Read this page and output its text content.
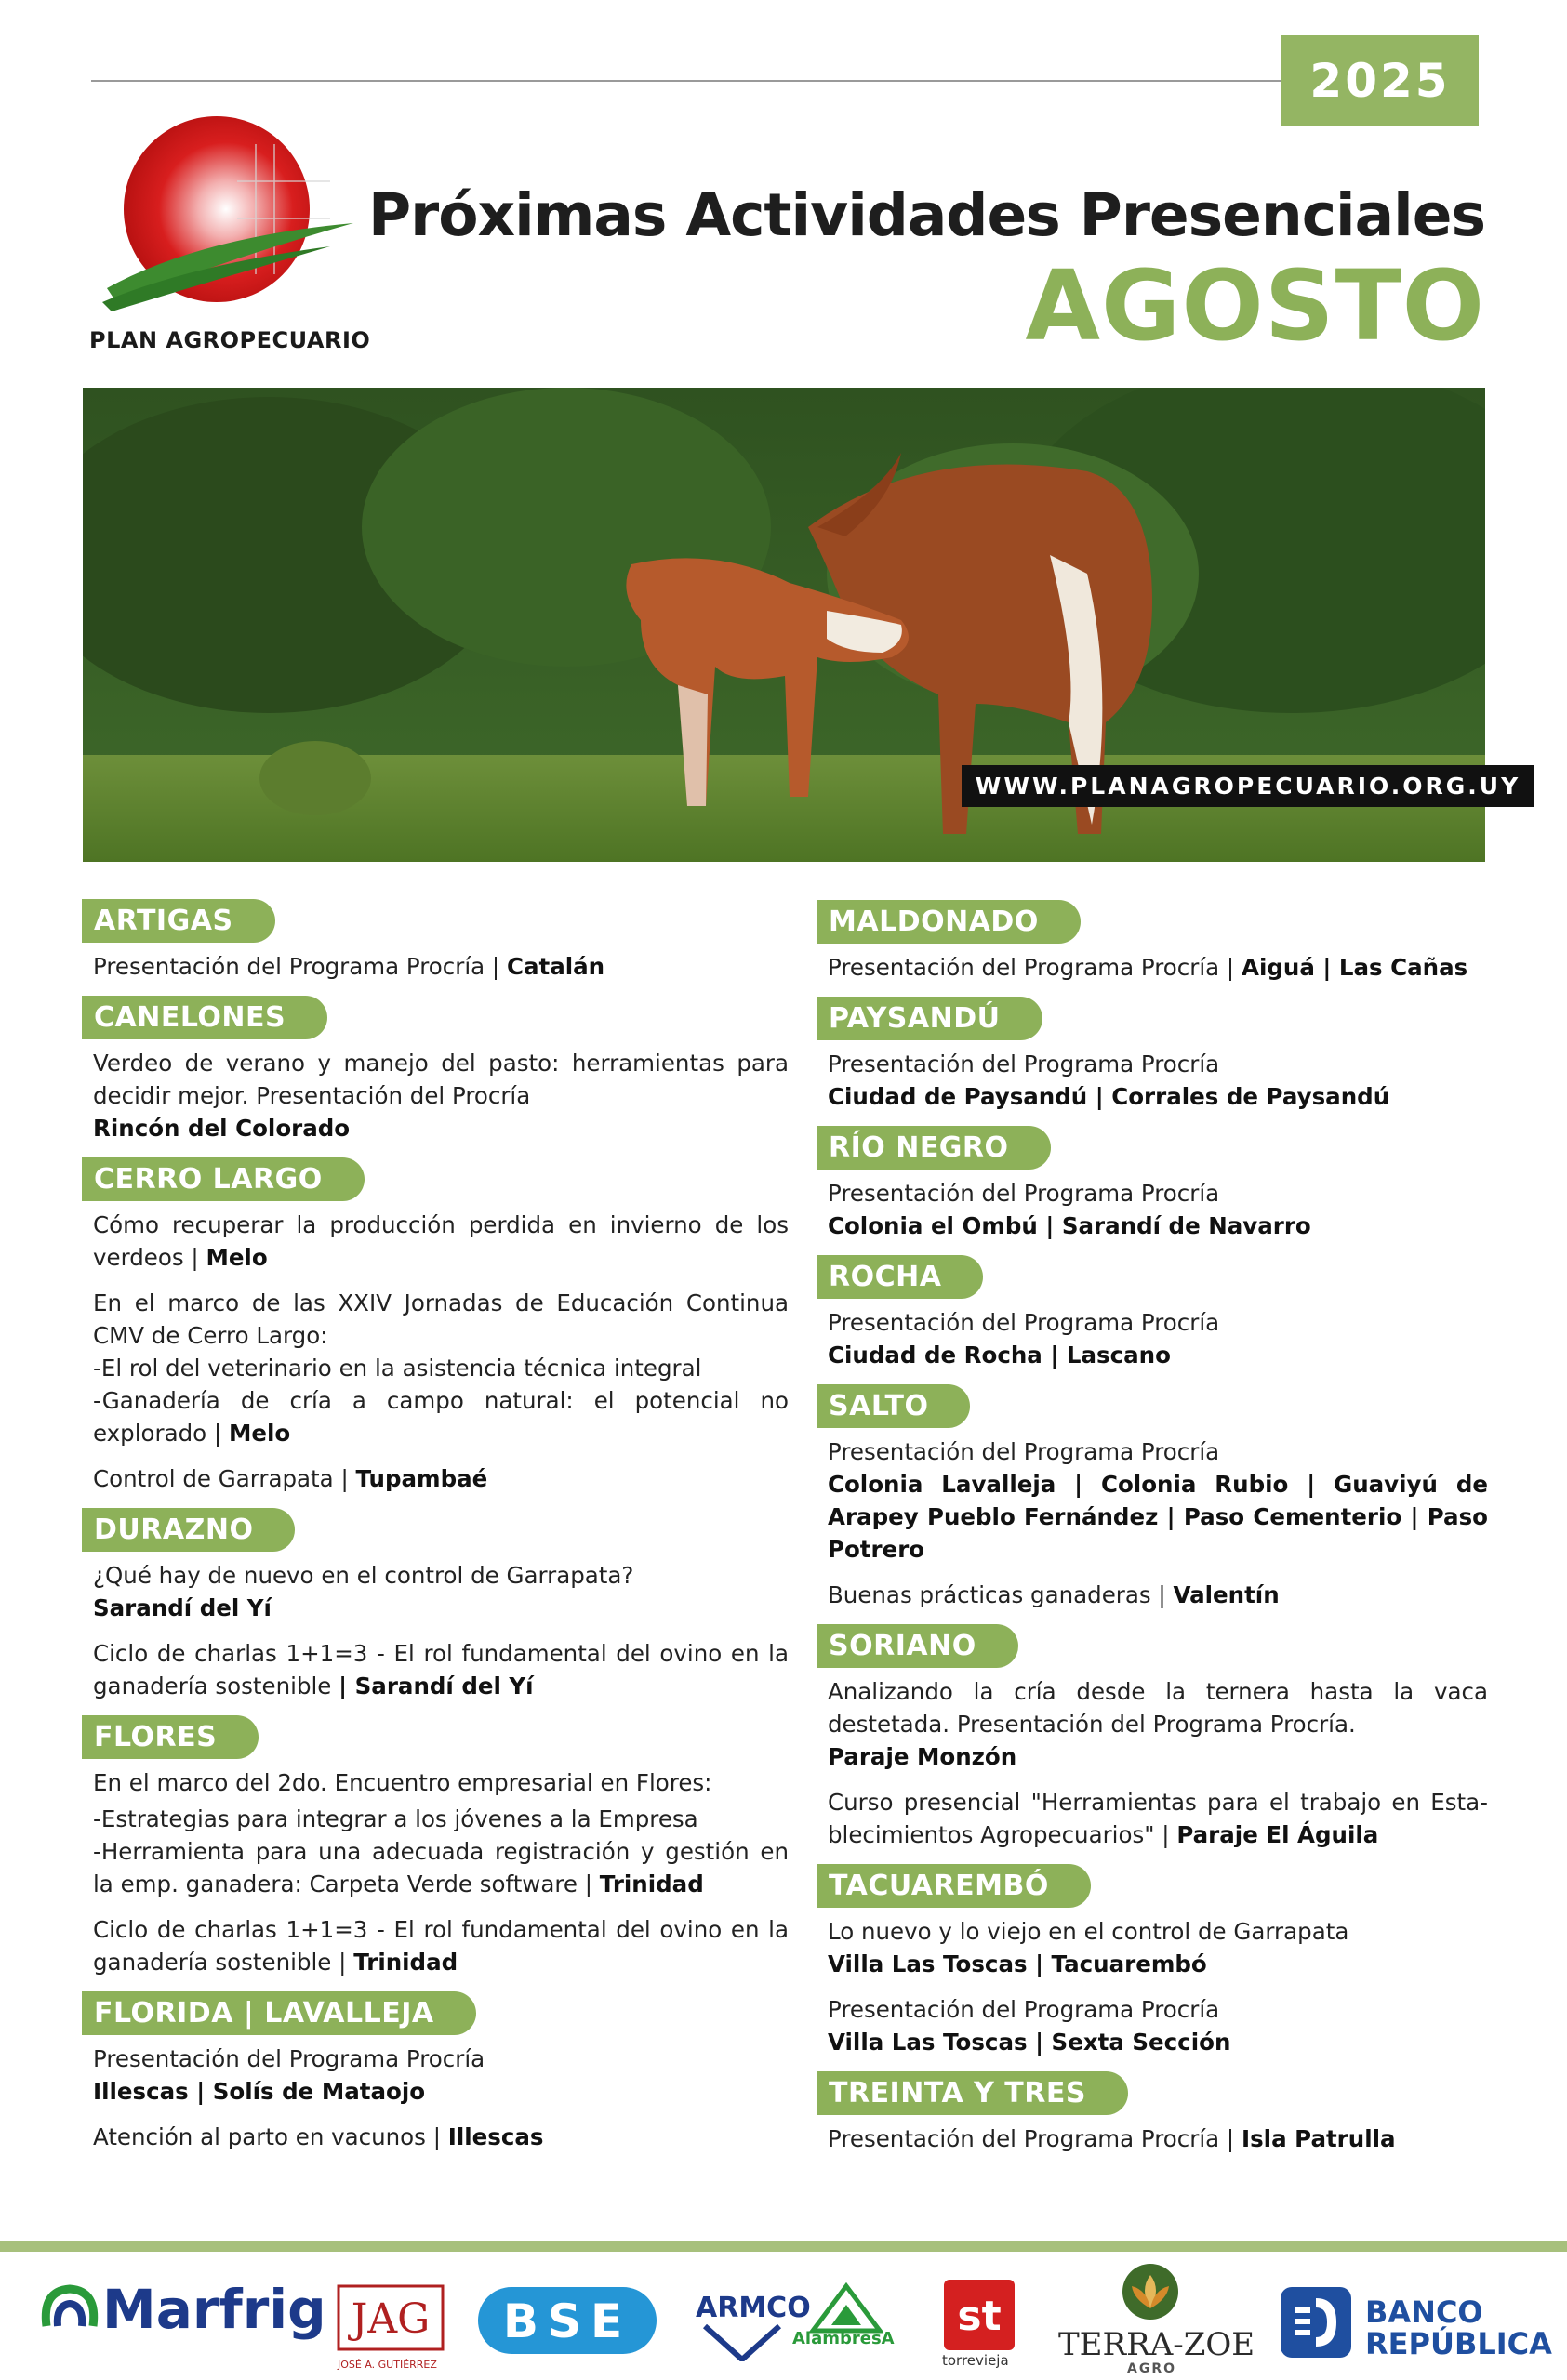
2025
PLAN AGROPECUARIO
Próximas Actividades Presenciales
AGOSTO
WWW.PLANAGROPECUARIO.ORG.UY
ARTIGAS
Presentación del Programa Procría | Catalán
CANELONES
Verdeo de verano y manejo del pasto: herramientas para decidir mejor. Presentación del Procría
Rincón del Colorado
CERRO LARGO
Cómo recuperar la producción perdida en invierno de los verdeos | Melo
En el marco de las XXIV Jornadas de Educación Continua CMV de Cerro Largo:
-El rol del veterinario en la asistencia técnica integral
-Ganadería de cría a campo natural: el potencial no explorado | Melo
Control de Garrapata | Tupambaé
DURAZNO
¿Qué hay de nuevo en el control de Garrapata?
Sarandí del Yí
Ciclo de charlas 1+1=3 - El rol fundamental del ovino en la ganadería sostenible | Sarandí del Yí
FLORES
En el marco del 2do. Encuentro empresarial en Flores:
-Estrategias para integrar a los jóvenes a la Empresa
-Herramienta para una adecuada registración y gestión en la emp. ganadera: Carpeta Verde software | Trinidad
Ciclo de charlas 1+1=3 - El rol fundamental del ovino en la ganadería sostenible | Trinidad
FLORIDA | LAVALLEJA
Presentación del Programa Procría
Illescas | Solís de Mataojo
Atención al parto en vacunos | Illescas
MALDONADO
Presentación del Programa Procría | Aiguá | Las Cañas
PAYSANDÚ
Presentación del Programa Procría
Ciudad de Paysandú | Corrales de Paysandú
RÍO NEGRO
Presentación del Programa Procría
Colonia el Ombú | Sarandí de Navarro
ROCHA
Presentación del Programa Procría
Ciudad de Rocha | Lascano
SALTO
Presentación del Programa Procría
Colonia Lavalleja | Colonia Rubio | Guaviyú de Arapey Pueblo Fernández | Paso Cementerio | Paso Potrero
Buenas prácticas ganaderas | Valentín
SORIANO
Analizando la cría desde la ternera hasta la vaca destetada. Presentación del Programa Procría.
Paraje Monzón
Curso presencial "Herramientas para el trabajo en Esta-blecimientos Agropecuarios" | Paraje El Águila
TACUAREMBÓ
Lo nuevo y lo viejo en el control de Garrapata
Villa Las Toscas | Tacuarembó
Presentación del Programa Procría
Villa Las Toscas | Sexta Sección
TREINTA Y TRES
Presentación del Programa Procría | Isla Patrulla
Marfrig JAG
JOSÉ A. GUTIÉRREZ
BSE ARMCO
AlambresA st
torrevieja TERRA-ZOE
AGRO
BANCO
REPÚBLICA
